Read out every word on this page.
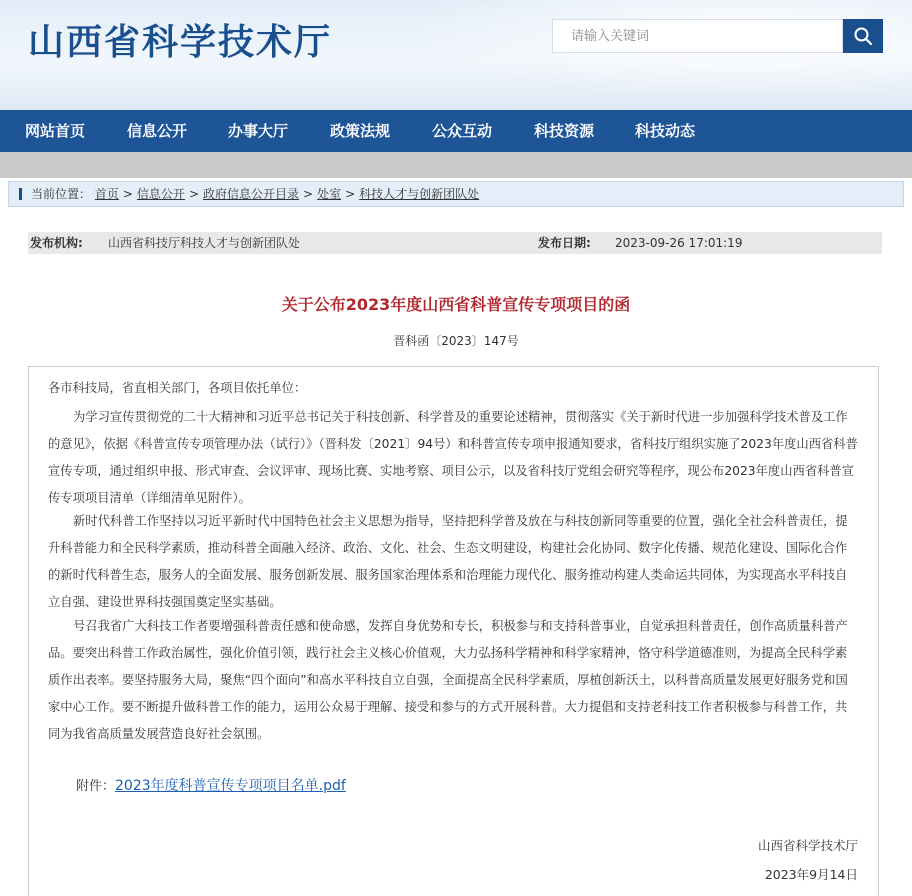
山西省科学技术厅
请输入关键词
网站首页	信息公开	办事大厅	政策法规	公众互动	科技资源	科技动态
当前位置： 首页 > 信息公开 > 政府信息公开目录 > 处室 > 科技人才与创新团队处
发布机构: 山西省科技厅科技人才与创新团队处	发布日期: 2023-09-26 17:01:19
关于公布2023年度山西省科普宣传专项项目的函
晋科函〔2023〕147号
各市科技局，省直相关部门，各项目依托单位：
为学习宣传贯彻党的二十大精神和习近平总书记关于科技创新、科学普及的重要论述精神，贯彻落实《关于新时代进一步加强科学技术普及工作的意见》，依据《科普宣传专项管理办法（试行）》（晋科发〔2021〕94号）和科普宣传专项申报通知要求，省科技厅组织实施了2023年度山西省科普宣传专项，通过组织申报、形式审查、会议评审、现场比赛、实地考察、项目公示，以及省科技厅党组会研究等程序，现公布2023年度山西省科普宣传专项项目清单（详细清单见附件）。
新时代科普工作坚持以习近平新时代中国特色社会主义思想为指导，坚持把科学普及放在与科技创新同等重要的位置，强化全社会科普责任，提升科普能力和全民科学素质，推动科普全面融入经济、政治、文化、社会、生态文明建设，构建社会化协同、数字化传播、规范化建设、国际化合作的新时代科普生态，服务人的全面发展、服务创新发展、服务国家治理体系和治理能力现代化、服务推动构建人类命运共同体，为实现高水平科技自立自强、建设世界科技强国奠定坚实基础。
号召我省广大科技工作者要增强科普责任感和使命感，发挥自身优势和专长，积极参与和支持科普事业，自觉承担科普责任，创作高质量科普产品。要突出科普工作政治属性，强化价值引领，践行社会主义核心价值观，大力弘扬科学精神和科学家精神，恪守科学道德准则，为提高全民科学素质作出表率。要坚持服务大局，聚焦“四个面向”和高水平科技自立自强，全面提高全民科学素质，厚植创新沃土，以科普高质量发展更好服务党和国家中心工作。要不断提升做科普工作的能力，运用公众易于理解、接受和参与的方式开展科普。大力提倡和支持老科技工作者积极参与科普工作，共同为我省高质量发展营造良好社会氛围。
附件：2023年度科普宣传专项项目名单.pdf
山西省科学技术厅
2023年9月14日
